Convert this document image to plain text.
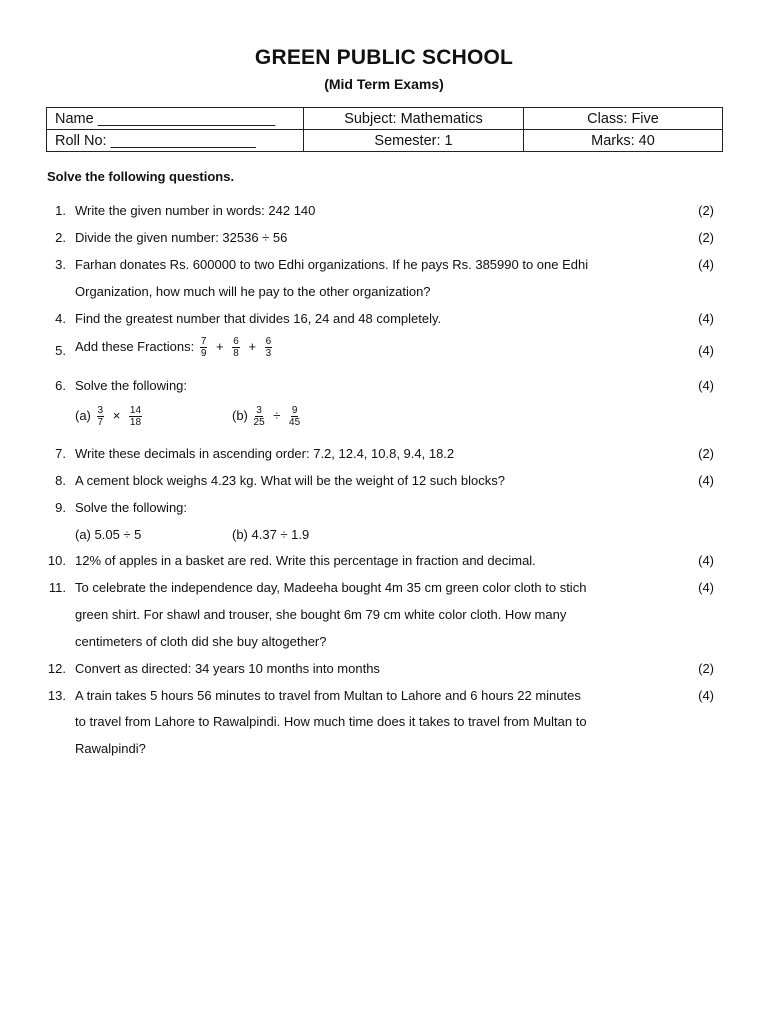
GREEN PUBLIC SCHOOL
(Mid Term Exams)
Name ______________________	Subject: Mathematics	Class: Five
Roll No: __________________	Semester: 1	Marks: 40
Solve the following questions.
1. Write the given number in words: 242 140	(2)
2. Divide the given number: 32536 ÷ 56	(2)
3. Farhan donates Rs. 600000 to two Edhi organizations. If he pays Rs. 385990 to one Edhi	(4)
Organization, how much will he pay to the other organization?
4. Find the greatest number that divides 16, 24 and 48 completely.	(4)
5. Add these Fractions: $\frac{7}{9} + \frac{6}{8} + \frac{6}{3}$	(4)
6. Solve the following:	(4)
$(a) \frac{3}{7} \times \frac{14}{18}$	$(b) \frac{3}{25} \div \frac{9}{45}$
7. Write these decimals in ascending order: 7.2, 12.4, 10.8, 9.4, 18.2	(2)
8. A cement block weighs 4.23 kg. What will be the weight of 12 such blocks?	(4)
9. Solve the following:
(a) 5.05 ÷ 5	(b) 4.37 ÷ 1.9
10. 12% of apples in a basket are red. Write this percentage in fraction and decimal.	(4)
11. To celebrate the independence day, Madeeha bought 4m 35 cm green color cloth to stich	(4)
green shirt. For shawl and trouser, she bought 6m 79 cm white color cloth. How many
centimeters of cloth did she buy altogether?
12. Convert as directed: 34 years 10 months into months	(2)
13. A train takes 5 hours 56 minutes to travel from Multan to Lahore and 6 hours 22 minutes	(4)
to travel from Lahore to Rawalpindi. How much time does it takes to travel from Multan to
Rawalpindi?
